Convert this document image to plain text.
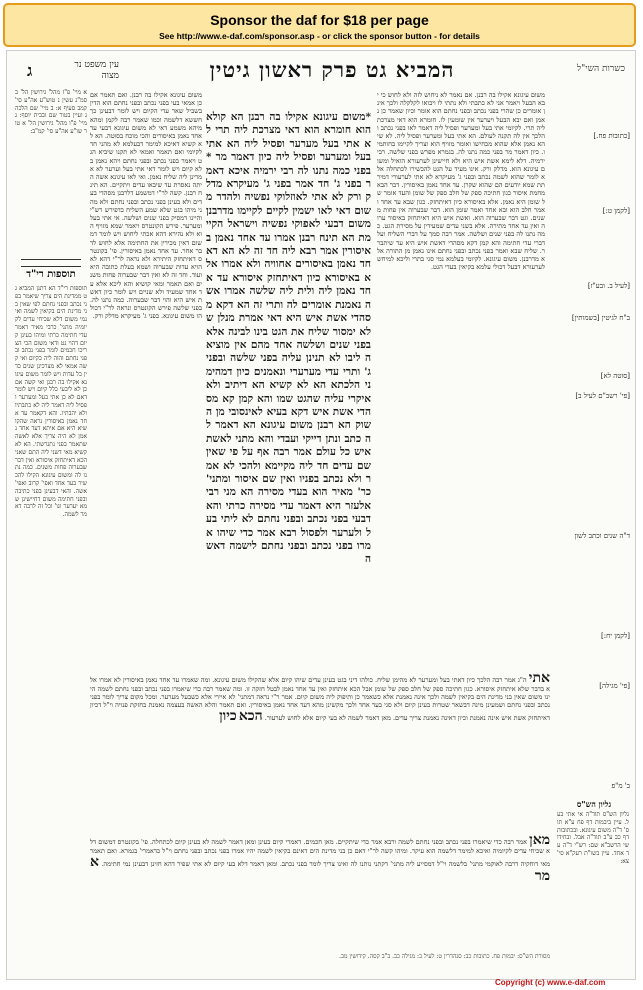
Sponsor the daf for $18 per page
See http://www.e-daf.com/sponsor.asp - or click the sponsor button - for details
כשרות השי"ל
המביא גט פרק ראשון גיטין
ג	עין משפט נר מצוה
א מיי' פ"ז מהל' גירושין הל' ב סמ"ג עשין נ טוש"ע אה"ע סי' קמב סעיף א: ב מיי' שם הלכה ג ועיין בטור שם ובבית יוסף: ג מיי' פ"ו מהל' גירושין הל' א טור שו"ע אה"ע סי' קמ"ב:
תוספות רי"ד
תוספות רי"ד הא דתנן המביא גט ממדינת הים צריך שיאמר בפני נכתב ובפני נחתם לפי שאין בני מדינת הים בקיאין לשמה ואי נמי משום דלא שכיחי עדים לקיומיה מתני' כרבי מאיר דאמר עדי חתימה כרתי ומיהו בעינן קיום דהוי גט ודאי משום הכי הצריכו חכמים לומר בפני נכתב ובפני נחתם והוה ליה כקיום ואי קשה אמאי לא מצרכינן שנים כדין כל עדות ויש לומר משום עיגונא אקילו בה רבנן ואי קשה אם כן לא ליבעי כלל קיום ויש לומר דאם לא כן אתי בעל ומערער ופסיל ליה דאמר ליה לא כתבתיו ולא יהבתיו. והא דקאמר עד אחד נאמן באיסורין נראה שהקושיא היא אם איתא דעד אחד נאמן לא היה צריך אלא לאשה שתאמר בפני נתגרשתי. הא לא קשיא מאי דשני ליה התם שאני הכא דאיתחזק איסורא ואין דבר שבערוה פחות משנים. כמה נתנו לה ומשום עיגונא הקילו להכשיר בעד אחד ואפי' קרוב ואפי' אשה. והאי דבעינן בפני כתיבה ובפני חתימה משום דחיישינן שמא יערער וגו' וכל זה לרבה דאמר לשמה.
משום עיגונא אקילו בה רבנן. ואם תאמר אם כן אמאי בעי בפני נכתב ובפני נחתם הוא הדין בשביל שאר עדי הקיום ויש לומר דבעינן כך חששא דלשמה וכמו שאמר רבה לקמן ומהא מיהא משמע דאי לא משום עיגונא דבעי עד אחד נאמן באיסורים והכי מוכח בסוטה. הא לא קשיא דאיכא למימר דבעלמא לא מהני חד לקיומי ואם תאמר ואמאי לא תקנו שיביא הגט ויאמר בפני נכתב ובפני נחתם ויהא נאמן בלא קיום ויש לומר דאי אתי בעל וערער לא אמרינן ליה שליח נאמן. ואי לאו עיגונא אשה היתה נאסרת עד שיבאו עדים ויתקיים. הא תינח רבנן. קשה לר"י דמשמע דלרבנן מסהדי בעדים ולא בעינן בפני נכתב ובפני נחתם ולא מהני מיהו בגט שלא שמע השליח כדפירש רש"י והיינו דמסיק בפני שנים ושלשה. אי אתי בעל ומערער. פירש הקונטרס ויאמר שמא מזויף הוא ולא נהירא דהא אכתי ליחוש ויש לומר דמשום דאין מכירין את החתימה אלא לחוש לדבר אחר. עד אחד נאמן באיסורין. פי' בקונטרס דאיתחזק היתירא ולא נראה לר"י דהא לא הויא עדות שבערוה ושמא בעלת כתובה היא ועוד. וחד זה לא ואין דבר שבערוה פחות משנים ואם תאמר ומאי קושיא והא ליכא אלא עד אחד שמעיד ולא שניים ויש לומר כיון דאשת איש היא והוי דבר שבערוה. כמה נתנו לה. בפני שלשה פירש הקונטרס ונראה לר"י דכולהו משום עיגונא. בפני ג' מעיקרא מדלק ורק.
*משום עיגונא אקילו בה רבנן הא קולא הוא חומרא הוא דאי מצרכת ליה תרי לא אתי בעל מערער ופסיל ליה הא אתי בעל ומערער ופסיל ליה כיון דאמר מר *בפני כמה נתנו לה רבי ירמיה איכא דאמר בפני ג' חד אמר בפני ג' מעיקרא מדלק ורק לא אתי לאוזלוקי נפשיה ולהדר משום דאי לאו ישמין לקיים לקיימו מדרבנן משום דבעי לאפוקי נפשיה וישראל הקיימת הא תינח רבנן אמרו עד אחד נאמן באיסורין אמר רבא ליה חד זה לא הא דאחד נאמן באיסורים אחוויה ולא אמרו אלא באיסורא כיון דאיתחזק איסורא עד אחד נאמן ליה ולית ליה שלשה אמרו אשה נאמנת אומרים לה ותרי זה הא דקא מסהדי אשת איש היא דאי אמרת מנלן שלא ימסור שליח את הגט בינו לבינה אלא בפני שנים ושלשה אחד מהם אין מוציאה ליבו לא תנינן עליה בפני שלשה ובפני ג' ותרי עדי מערערי ונאמנים כיון דמהימני הלכתא הא לא קשיא הא דיתיב ולא איקרי עליה שהגט שמו והא קמן קא מסהדי אשת איש דקא בעיא לאינסובי מן השוק הא רבנן משום עיגונא הא דאמר לה כתב ונתן דייקי ועבדי והא מתני לאשת איש כל עולם אמר רבה אף על פי שאין שם עדים חד ליה מקיימא ולהכי לא אמר ולא נכתב בפניו ואין שם איסור ומתני' כר' מאיר הוא בעדי מסירה הא מני רבי אלעזר היא דאמר עדי מסירה כרתי והא דבעי בפני נכתב ובפני נחתם לא ליתי בעל ולערער ולפסול רבא אמר כדי שיהו אמרו בפני נכתב ובפני נחתם לישמה דאשה
משום עיגונא אקילו בה רבנן. אם נאמר לא ניחוש לזה ולא לחוש כי יבא הבעל ויאמר אני לא כתבתי ולא נתתי לו ויבואו לקלקלה ולכך אינן אומרים כן שהרי בפני נכתב ובפני נחתם הוא אומר וכיון שאמר כן נאמן ואם יבא הבעל ויערער אין שומעין לו. חומרא הוא דאי מצרכת ליה תרי. לקיומי אתי בעל ומערער ופסיל ליה דאמר לאו בפני נכתב והלכך אין לה תקנה לעולם. הא אתי בעל ומערער ופסיל ליה. לא שיהא נאמן אלא שהוא מכחישו ואומר מזויף הוא וצריך לקיימו בחותמיו. כיון דאמר מר בפני כמה נתנו לה. בגמרא מפרש בפני שלשה. רבי ירמיה. דלא לימא אשת איש היא ולא חיישינן לערעורא הואיל ומשום עיגונא הוא. מדלק ורק. אינו מעיד על הגט להכשירו לכתחלה אלא לומר שהוא לשמה נכתב ובפני ג' מעיקרא לא אתי לערעורי דמירתת שמא יודעים הם שהוא שקרן. עד אחד נאמן באיסורין. דבר הבא מחמת איסור כגון חתיכה ספק של חלב ספק של שומן והעד אומר של שומן היא נאמן. אלא באיסורא כיון דאיתחזק. כגון שבא עד אחד ואמר חלב הוא ובא אחד ואמר שומן הוא. דבר שבערוה אין פחות משנים. וגט דבר שבערוה הוא. ואשת איש היא דאיתחזק באיסור ערוה ואין עד אחד מתירה. אלא בשני עדים שמעידין על מסירת הגט. כמה נתנו לה בפני שנים ושלשה. אמר רבה סמך על דברי השליח ועל דברי עדי חתימה והא קמן דקא מסהדי דאשת איש היא עד שיתברר. שליח שבא ואמר בפני נכתב ובפני נחתם אינו נאמן מן התורה אלא מדרבנן. משום עיגונא. לקיומי בעלמא נמי סגי בתרי וליכא למיחש לערעורא דבעל דכולי עלמא בקיאין בעדי הגט.
[כתובות פח.]
[לקמן ט:]
[לעיל ב. ובע"ז]
ב"ח לגיטין [בשמותין]
[סוטה לא]
[פי' רשב"ם לעיל ב]
ד"ה שנים וכתב לשון
[לקמן יח:]
[פי' מגילה]
ב' מ"פ
אתי ה"ג אמר רבה הלכך כיון דאתי בעל ומערער לא מהימן שליח. כולהו דיני בגט בעינן עדים שיהו קיום אלא שהקילו משום עיגונא. ומה שאמרו עד אחד נאמן באיסורין לא אמרו אלא בדבר שלא איתחזק איסורא. כגון חתיכה ספק של חלב ספק של שומן אבל הכא איתחזק ואין עד אחד נאמן לבטל חזקה זו. ומה שאמר רבה כדי שיאמרו בפני נכתב ובפני נחתם לשמה היינו משום שאין בני מדינת הים בקיאין לשמה ולכך אינה נאמנת אלא כשאמר כן ותיפוק ליה משום קיום. אמר ר"י נראה דמתני' לא איירי אלא כשבעל מערער. ומכל מקום צריך לומר בפני נכתב ובפני נחתם ושמעינן מינה דבשאר שטרות בעינן קיום ולא סגי בעד אחד ולכך מקשינן מהא דעד אחד נאמן באיסורין. ואם תאמר והלא האשה בעצמה נאמנת בחזקת פנויה וי"ל דכיון דאיתחזק אשת איש אינה נאמנת וכיון דאינה נאמנת צריך עדים. מאן דאמר לשמה לא בעי קיום אלא לחוש לערעור. הכא כיון
מאן אמר רבה כדי שיאמרו בפני נכתב ובפני נחתם לשמה ורבא אמר כדי שיתקיים. מאן חכמים. דאמרי קיום בעינן ומאן דאמר לשמה לא בעינן קיום לכתחלה. פי' בקונטרס דמשום דלא שכיחי עדים לקיומיה ואיכא למימר דלשמה הוא עיקר. ומיהו קשה לר"י דאם כן בני מדינת הים דאינם בקיאין לשמה יהיו אמרו בפני נכתב ובפני נחתם וי"ל כדאמרי' בגמרא. ואם תאמר מאי דוחקיה דרבה לאוקמי מתני' בלשמה וי"ל דמסייע ליה מתני' דקתני נותנו לה ואינו צריך לומר בפני נכתב. ומאן דאמר דלא בעי קיום לא אתי שפיר דהא חזינן דבעינן נמי חתימה. אמר
גליון הש"ס
גליון הש"ס תוד"ה אי אתי בעל. עיין ביבמות דף פח ע"א תוס' ד"ה משום עיגונא. ובכתובות דף כב ע"ב תוד"ה אבל. ובחידושי הרשב"א שם: רש"י ד"ה עד אחד. עיין בשו"ת רעק"א סי' צא:
מסורת הש"ס: יבמות פח. כתובות כב: סנהדרין ט: לעיל ב: מגילה כב. ב"ב קסה. קידושין מב.
Copyright (c) www.e-daf.com
